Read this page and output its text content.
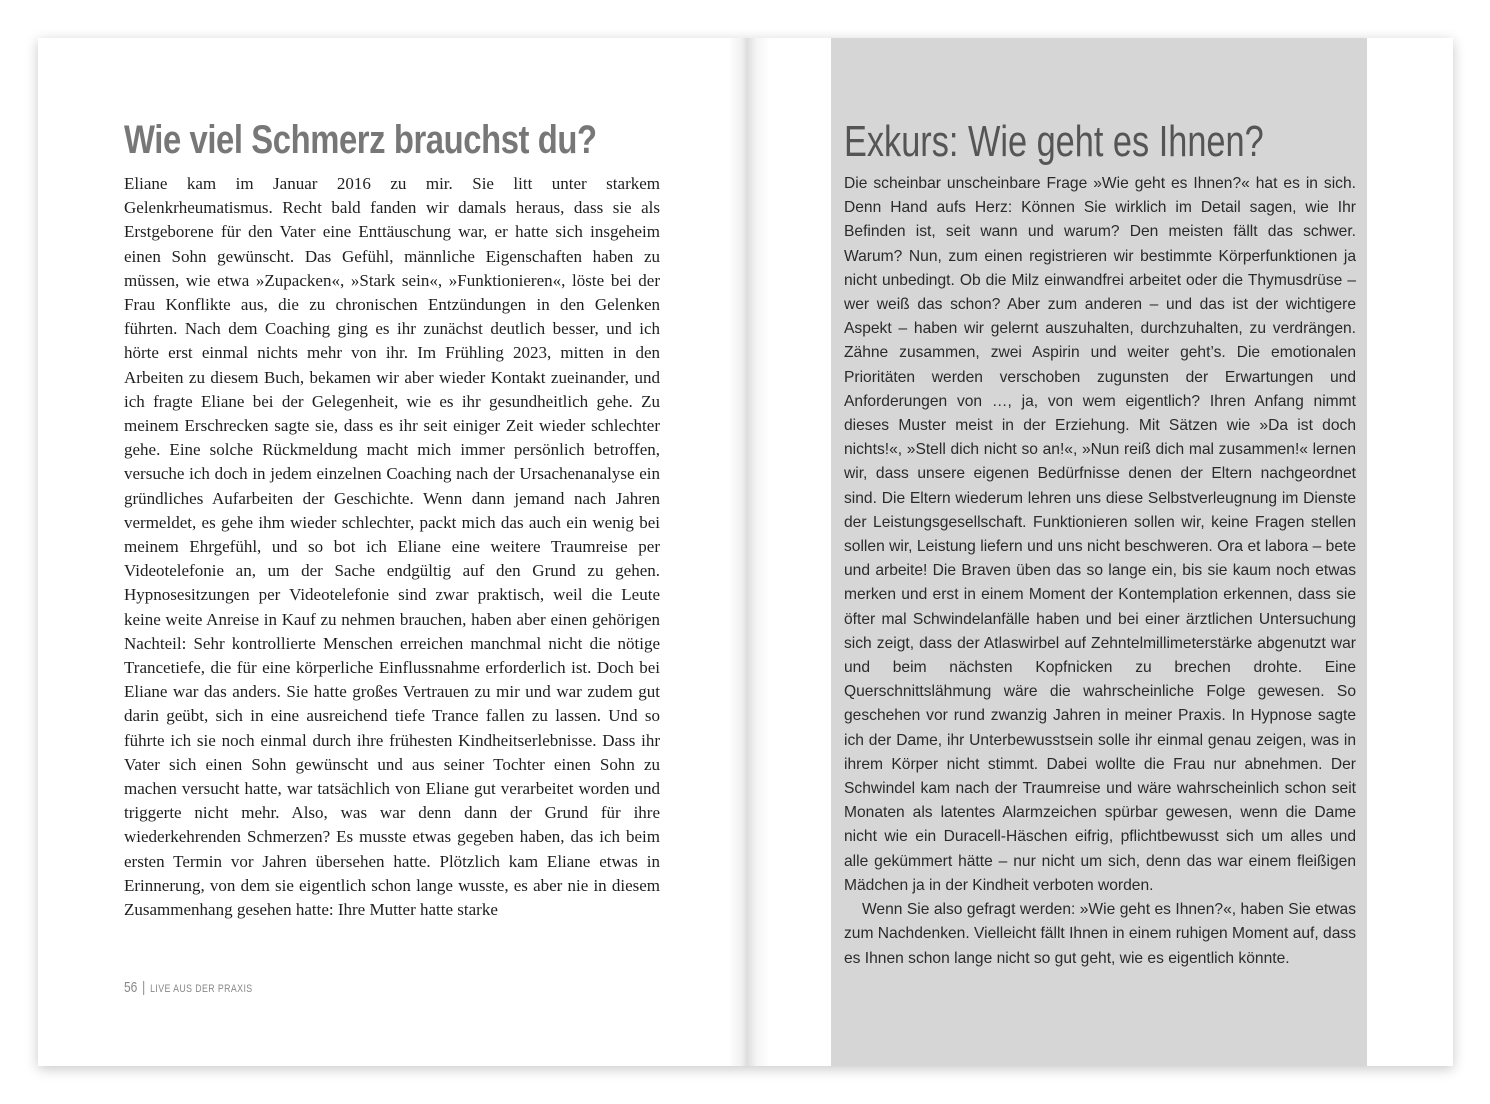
Wie viel Schmerz brauchst du?

Eliane kam im Januar 2016 zu mir. Sie litt unter starkem Gelenkrheumatismus. Recht bald fanden wir damals heraus, dass sie als Erstgeborene für den Vater eine Enttäuschung war, er hatte sich insgeheim einen Sohn gewünscht. Das Gefühl, männliche Eigenschaften haben zu müssen, wie etwa »Zupacken«, »Stark sein«, »Funktionieren«, löste bei der Frau Konflikte aus, die zu chronischen Entzündungen in den Gelenken führten. Nach dem Coaching ging es ihr zunächst deutlich besser, und ich hörte erst einmal nichts mehr von ihr. Im Frühling 2023, mitten in den Arbeiten zu diesem Buch, bekamen wir aber wieder Kontakt zueinander, und ich fragte Eliane bei der Gelegenheit, wie es ihr gesundheitlich gehe. Zu meinem Erschrecken sagte sie, dass es ihr seit einiger Zeit wieder schlechter gehe. Eine solche Rückmeldung macht mich immer persönlich betroffen, versuche ich doch in jedem einzelnen Coaching nach der Ursachenanalyse ein gründliches Aufarbeiten der Geschichte. Wenn dann jemand nach Jahren vermeldet, es gehe ihm wieder schlechter, packt mich das auch ein wenig bei meinem Ehrgefühl, und so bot ich Eliane eine weitere Traumreise per Videotelefonie an, um der Sache endgültig auf den Grund zu gehen. Hypnosesitzungen per Videotelefonie sind zwar praktisch, weil die Leute keine weite Anreise in Kauf zu nehmen brauchen, haben aber einen gehörigen Nachteil: Sehr kontrollierte Menschen erreichen manchmal nicht die nötige Trancetiefe, die für eine körperliche Einflussnahme erforderlich ist. Doch bei Eliane war das anders. Sie hatte großes Vertrauen zu mir und war zudem gut darin geübt, sich in eine ausreichend tiefe Trance fallen zu lassen. Und so führte ich sie noch einmal durch ihre frühesten Kindheitserlebnisse. Dass ihr Vater sich einen Sohn gewünscht und aus seiner Tochter einen Sohn zu machen versucht hatte, war tatsächlich von Eliane gut verarbeitet worden und triggerte nicht mehr. Also, was war denn dann der Grund für ihre wiederkehrenden Schmerzen? Es musste etwas gegeben haben, das ich beim ersten Termin vor Jahren übersehen hatte. Plötzlich kam Eliane etwas in Erinnerung, von dem sie eigentlich schon lange wusste, es aber nie in diesem Zusammenhang gesehen hatte: Ihre Mutter hatte starke

56 | LIVE AUS DER PRAXIS
Exkurs: Wie geht es Ihnen?

Die scheinbar unscheinbare Frage »Wie geht es Ihnen?« hat es in sich. Denn Hand aufs Herz: Können Sie wirklich im Detail sagen, wie Ihr Befinden ist, seit wann und warum? Den meisten fällt das schwer. Warum? Nun, zum einen registrieren wir bestimmte Körperfunktionen ja nicht unbedingt. Ob die Milz einwandfrei arbeitet oder die Thymusdrüse – wer weiß das schon? Aber zum anderen – und das ist der wichtigere Aspekt – haben wir gelernt auszuhalten, durchzuhalten, zu verdrängen. Zähne zusammen, zwei Aspirin und weiter geht’s. Die emotionalen Prioritäten werden verschoben zugunsten der Erwartungen und Anforderungen von …, ja, von wem eigentlich? Ihren Anfang nimmt dieses Muster meist in der Erziehung. Mit Sätzen wie »Da ist doch nichts!«, »Stell dich nicht so an!«, »Nun reiß dich mal zusammen!« lernen wir, dass unsere eigenen Bedürfnisse denen der Eltern nachgeordnet sind. Die Eltern wiederum lehren uns diese Selbstverleugnung im Dienste der Leistungsgesellschaft. Funktionieren sollen wir, keine Fragen stellen sollen wir, Leistung liefern und uns nicht beschweren. Ora et labora – bete und arbeite! Die Braven üben das so lange ein, bis sie kaum noch etwas merken und erst in einem Moment der Kontemplation erkennen, dass sie öfter mal Schwindelanfälle haben und bei einer ärztlichen Untersuchung sich zeigt, dass der Atlaswirbel auf Zehntelmillimeterstärke abgenutzt war und beim nächsten Kopfnicken zu brechen drohte. Eine Querschnittslähmung wäre die wahrscheinliche Folge gewesen. So geschehen vor rund zwanzig Jahren in meiner Praxis. In Hypnose sagte ich der Dame, ihr Unterbewusstsein solle ihr einmal genau zeigen, was in ihrem Körper nicht stimmt. Dabei wollte die Frau nur abnehmen. Der Schwindel kam nach der Traumreise und wäre wahrscheinlich schon seit Monaten als latentes Alarmzeichen spürbar gewesen, wenn die Dame nicht wie ein Duracell-Häschen eifrig, pflichtbewusst sich um alles und alle gekümmert hätte – nur nicht um sich, denn das war einem fleißigen Mädchen ja in der Kindheit verboten worden.

Wenn Sie also gefragt werden: »Wie geht es Ihnen?«, haben Sie etwas zum Nachdenken. Vielleicht fällt Ihnen in einem ruhigen Moment auf, dass es Ihnen schon lange nicht so gut geht, wie es eigentlich könnte.
